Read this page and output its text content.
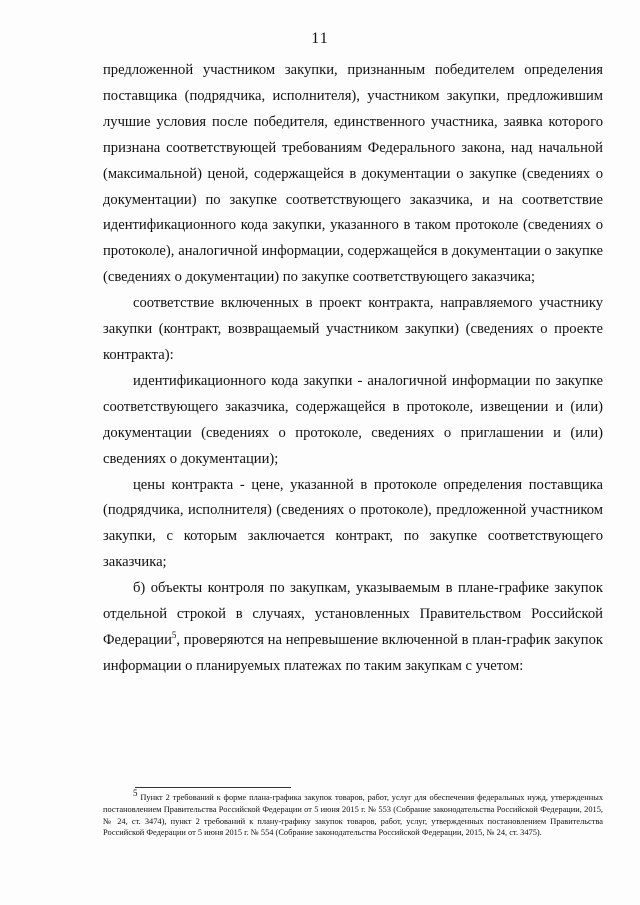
11

предложенной участником закупки, признанным победителем определения поставщика (подрядчика, исполнителя), участником закупки, предложившим лучшие условия после победителя, единственного участника, заявка которого признана соответствующей требованиям Федерального закона, над начальной (максимальной) ценой, содержащейся в документации о закупке (сведениях о документации) по закупке соответствующего заказчика, и на соответствие идентификационного кода закупки, указанного в таком протоколе (сведениях о протоколе), аналогичной информации, содержащейся в документации о закупке (сведениях о документации) по закупке соответствующего заказчика;

соответствие включенных в проект контракта, направляемого участнику закупки (контракт, возвращаемый участником закупки) (сведениях о проекте контракта):

идентификационного кода закупки - аналогичной информации по закупке соответствующего заказчика, содержащейся в протоколе, извещении и (или) документации (сведениях о протоколе, сведениях о приглашении и (или) сведениях о документации);

цены контракта - цене, указанной в протоколе определения поставщика (подрядчика, исполнителя) (сведениях о протоколе), предложенной участником закупки, с которым заключается контракт, по закупке соответствующего заказчика;

б) объекты контроля по закупкам, указываемым в плане-графике закупок отдельной строкой в случаях, установленных Правительством Российской Федерации$^5$, проверяются на непревышение включенной в план-график закупок информации о планируемых платежах по таким закупкам с учетом:

$^5$ Пункт 2 требований к форме плана-графика закупок товаров, работ, услуг для обеспечения федеральных нужд, утвержденных постановлением Правительства Российской Федерации от 5 июня 2015 г. № 553 (Собрание законодательства Российской Федерации, 2015, № 24, ст. 3474), пункт 2 требований к плану-графику закупок товаров, работ, услуг, утвержденных постановлением Правительства Российской Федерации от 5 июня 2015 г. № 554 (Собрание законодательства Российской Федерации, 2015, № 24, ст. 3475).
